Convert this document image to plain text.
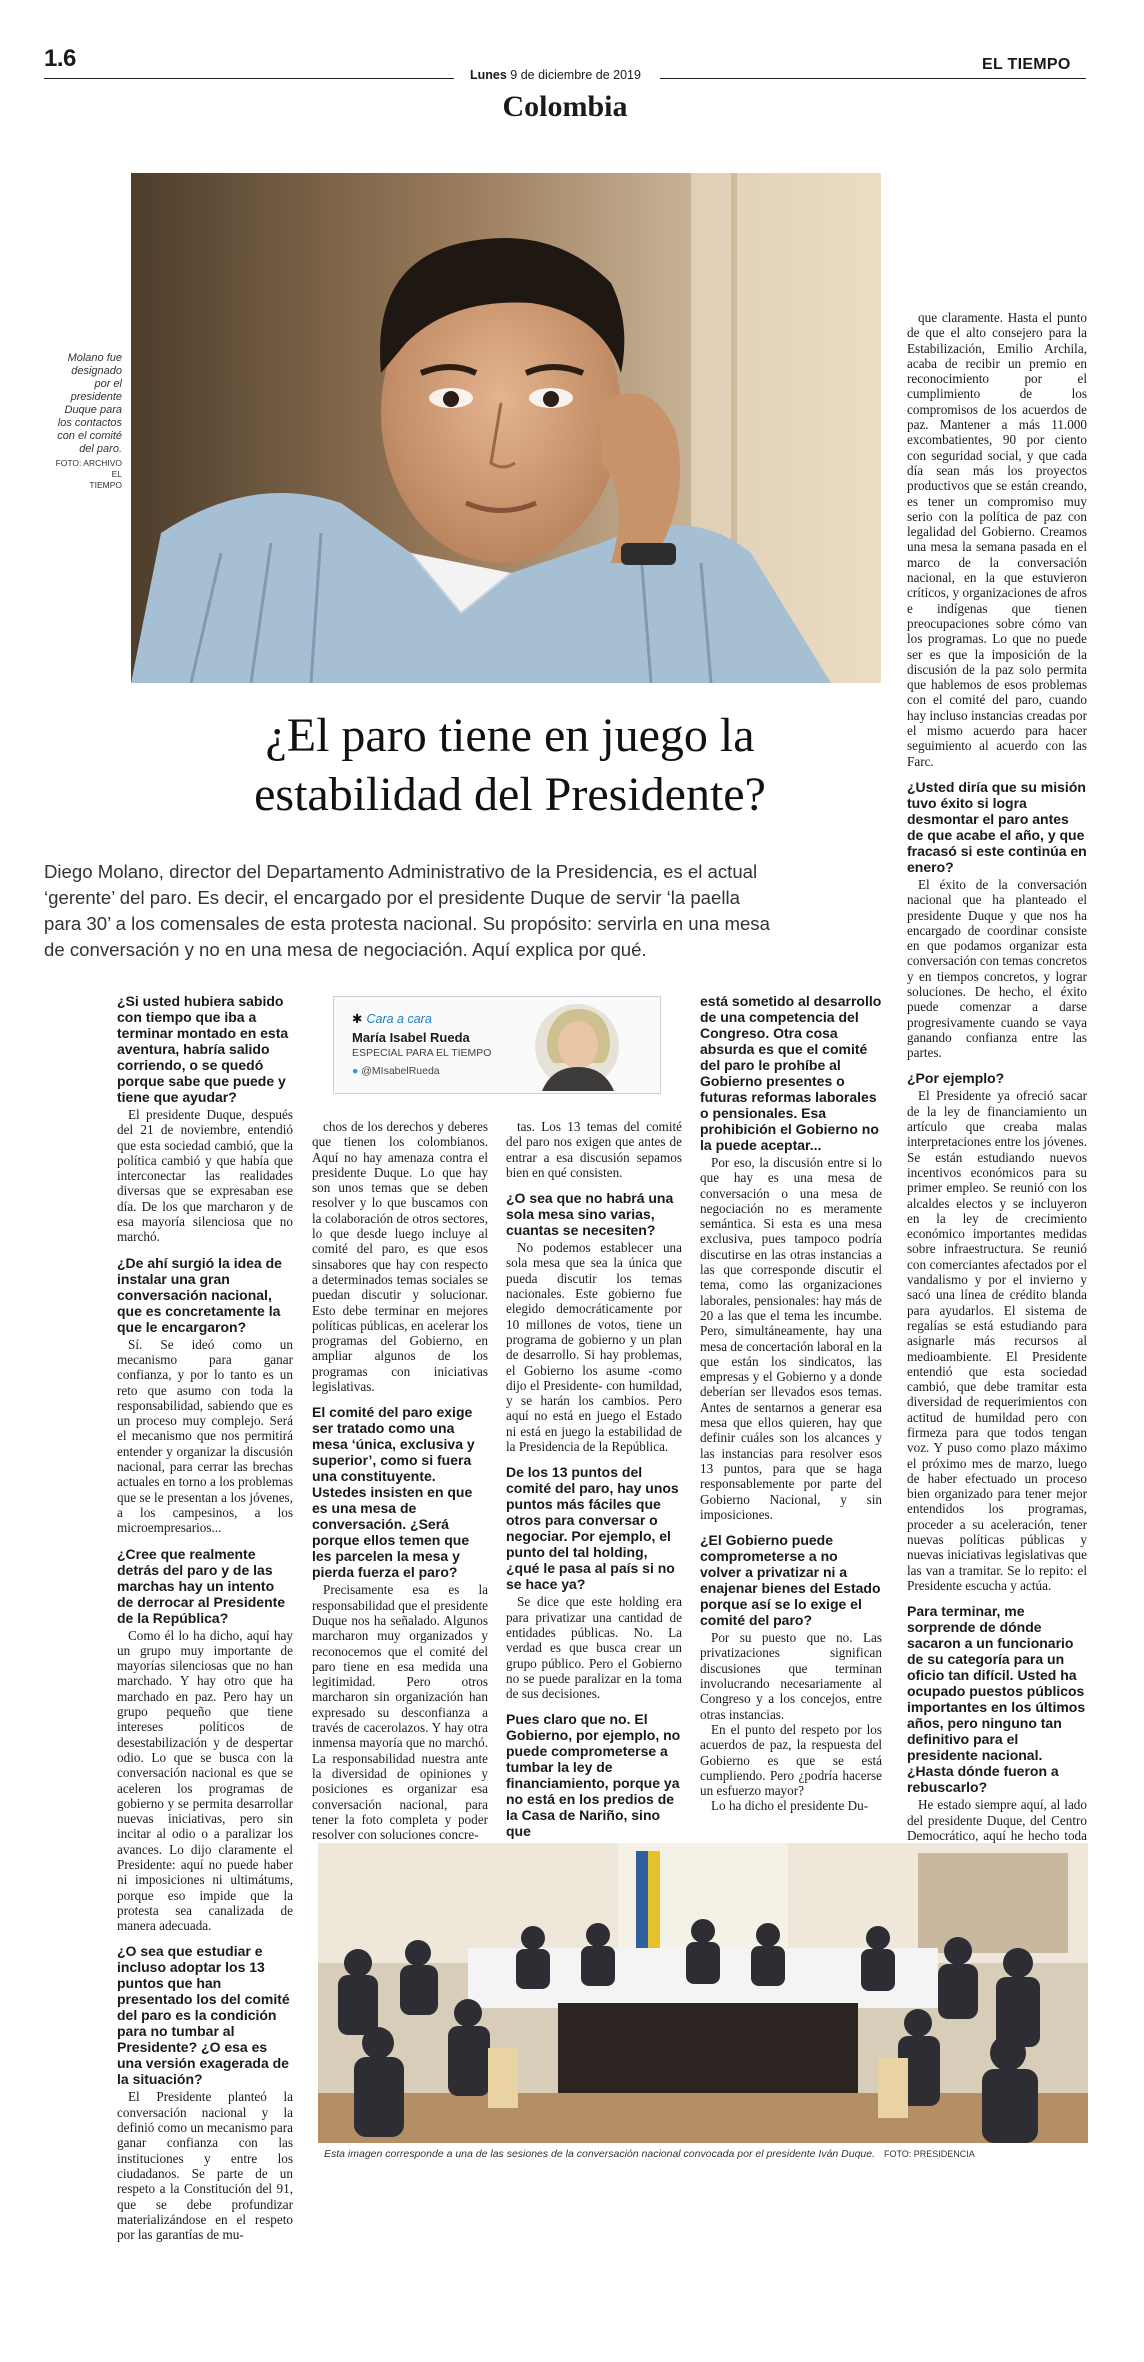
1.6
Lunes 9 de diciembre de 2019
EL TIEMPO
Colombia
Molano fue
designado
por el
presidente
Duque para
los contactos
con el comité
del paro.
FOTO: ARCHIVO EL
TIEMPO
¿El paro tiene en juego la
estabilidad del Presidente?
Diego Molano, director del Departamento Administrativo de la Presidencia, es el actual
‘gerente’ del paro. Es decir, el encargado por el presidente Duque de servir ‘la paella
para 30’ a los comensales de esta protesta nacional. Su propósito: servirla en una mesa
de conversación y no en una mesa de negociación. Aquí explica por qué.

que claramente. Hasta el punto de que el alto consejero para la Estabilización, Emilio Archila, acaba de recibir un premio en reconocimiento por el cumplimiento de los compromisos de los acuerdos de paz. Mantener a más 11.000 excombatientes, 90 por ciento con seguridad social, y que cada día sean más los proyectos productivos que se están creando, es tener un compromiso muy serio con la política de paz con legalidad del Gobierno. Creamos una mesa la semana pasada en el marco de la conversación nacional, en la que estuvieron críticos, y organizaciones de afros e indígenas que tienen preocupaciones sobre cómo van los programas. Lo que no puede ser es que la imposición de la discusión de la paz solo permita que hablemos de esos problemas con el comité del paro, cuando hay incluso instancias creadas por el mismo acuerdo para hacer seguimiento al acuerdo con las Farc.

¿Usted diría que su misión tuvo éxito si logra desmontar el paro antes de que acabe el año, y que fracasó si este continúa en enero?

El éxito de la conversación nacional que ha planteado el presidente Duque y que nos ha encargado de coordinar consiste en que podamos organizar esta conversación con temas concretos y en tiempos concretos, y lograr soluciones. De hecho, el éxito puede comenzar a darse progresivamente cuando se vaya ganando confianza entre las partes.

¿Por ejemplo?

El Presidente ya ofreció sacar de la ley de financiamiento un artículo que creaba malas interpretaciones entre los jóvenes. Se están estudiando nuevos incentivos económicos para su primer empleo. Se reunió con los alcaldes electos y se incluyeron en la ley de crecimiento económico importantes medidas sobre infraestructura. Se reunió con comerciantes afectados por el vandalismo y por el invierno y sacó una línea de crédito blanda para ayudarlos. El sistema de regalías se está estudiando para asignarle más recursos al medioambiente. El Presidente entendió que esta sociedad cambió, que debe tramitar esta diversidad de requerimientos con actitud de humildad pero con firmeza para que todos tengan voz. Y puso como plazo máximo el próximo mes de marzo, luego de haber efectuado un proceso bien organizado para tener mejor entendidos los programas, proceder a su aceleración, tener nuevas políticas públicas y nuevas iniciativas legislativas que las van a tramitar. Se lo repito: el Presidente escucha y actúa.

Para terminar, me sorprende de dónde sacaron a un funcionario de su categoría para un oficio tan difícil. Usted ha ocupado puestos públicos importantes en los últimos años, pero ninguno tan definitivo para el presidente nacional. ¿Hasta dónde fueron a rebuscarlo?

He estado siempre aquí, al lado del presidente Duque, del Centro Democrático, aquí he hecho toda

✱ Cara a cara
María Isabel Rueda
ESPECIAL PARA EL TIEMPO
● @MIsabelRueda

¿Si usted hubiera sabido con tiempo que iba a terminar montado en esta aventura, habría salido corriendo, o se quedó porque sabe que puede y tiene que ayudar?

El presidente Duque, después del 21 de noviembre, entendió que esta sociedad cambió, que la política cambió y que había que interconectar las realidades diversas que se expresaban ese día. De los que marcharon y de esa mayoría silenciosa que no marchó.

¿De ahí surgió la idea de instalar una gran conversación nacional, que es concretamente la que le encargaron?

Sí. Se ideó como un mecanismo para ganar confianza, y por lo tanto es un reto que asumo con toda la responsabilidad, sabiendo que es un proceso muy complejo. Será el mecanismo que nos permitirá entender y organizar la discusión nacional, para cerrar las brechas actuales en torno a los problemas que se le presentan a los jóvenes, a los campesinos, a los microempresarios...

¿Cree que realmente detrás del paro y de las marchas hay un intento de derrocar al Presidente de la República?

Como él lo ha dicho, aquí hay un grupo muy importante de mayorías silenciosas que no han marchado. Y hay otro que ha marchado en paz. Pero hay un grupo pequeño que tiene intereses políticos de desestabilización y de despertar odio. Lo que se busca con la conversación nacional es que se aceleren los programas de gobierno y se permita desarrollar nuevas iniciativas, pero sin incitar al odio o a paralizar los avances. Lo dijo claramente el Presidente: aquí no puede haber ni imposiciones ni ultimátums, porque eso impide que la protesta sea canalizada de manera adecuada.

¿O sea que estudiar e incluso adoptar los 13 puntos que han presentado los del comité del paro es la condición para no tumbar al Presidente? ¿O esa es una versión exagerada de la situación?

El Presidente planteó la conversación nacional y la definió como un mecanismo para ganar confianza con las instituciones y entre los ciudadanos. Se parte de un respeto a la Constitución del 91, que se debe profundizar materializándose en el respeto por las garantías de mu-

chos de los derechos y deberes que tienen los colombianos. Aquí no hay amenaza contra el presidente Duque. Lo que hay son unos temas que se deben resolver y lo que buscamos con la colaboración de otros sectores, lo que desde luego incluye al comité del paro, es que esos sinsabores que hay con respecto a determinados temas sociales se puedan discutir y solucionar. Esto debe terminar en mejores políticas públicas, en acelerar los programas del Gobierno, en ampliar algunos de los programas con iniciativas legislativas.

El comité del paro exige ser tratado como una mesa ‘única, exclusiva y superior’, como si fuera una constituyente. Ustedes insisten en que es una mesa de conversación. ¿Será porque ellos temen que les parcelen la mesa y pierda fuerza el paro?

Precisamente esa es la responsabilidad que el presidente Duque nos ha señalado. Algunos marcharon muy organizados y reconocemos que el comité del paro tiene en esa medida una legitimidad. Pero otros marcharon sin organización han expresado su desconfianza a través de cacerolazos. Y hay otra inmensa mayoría que no marchó. La responsabilidad nuestra ante la diversidad de opiniones y posiciones es organizar esa conversación nacional, para tener la foto completa y poder resolver con soluciones concre-

tas. Los 13 temas del comité del paro nos exigen que antes de entrar a esa discusión sepamos bien en qué consisten.

¿O sea que no habrá una sola mesa sino varias, cuantas se necesiten?

No podemos establecer una sola mesa que sea la única que pueda discutir los temas nacionales. Este gobierno fue elegido democráticamente por 10 millones de votos, tiene un programa de gobierno y un plan de desarrollo. Si hay problemas, el Gobierno los asume -como dijo el Presidente- con humildad, y se harán los cambios. Pero aquí no está en juego el Estado ni está en juego la estabilidad de la Presidencia de la República.

De los 13 puntos del comité del paro, hay unos puntos más fáciles que otros para conversar o negociar. Por ejemplo, el punto del tal holding, ¿qué le pasa al país si no se hace ya?

Se dice que este holding era para privatizar una cantidad de entidades públicas. No. La verdad es que busca crear un grupo público. Pero el Gobierno no se puede paralizar en la toma de sus decisiones.

Pues claro que no. El Gobierno, por ejemplo, no puede comprometerse a tumbar la ley de financiamiento, porque ya no está en los predios de la Casa de Nariño, sino que

está sometido al desarrollo de una competencia del Congreso. Otra cosa absurda es que el comité del paro le prohíbe al Gobierno presentes o futuras reformas laborales o pensionales. Esa prohibición el Gobierno no la puede aceptar...

Por eso, la discusión entre si lo que hay es una mesa de conversación o una mesa de negociación no es meramente semántica. Si esta es una mesa exclusiva, pues tampoco podría discutirse en las otras instancias a las que corresponde discutir el tema, como las organizaciones laborales, pensionales: hay más de 20 a las que el tema les incumbe. Pero, simultáneamente, hay una mesa de concertación laboral en la que están los sindicatos, las empresas y el Gobierno y a donde deberían ser llevados esos temas. Antes de sentarnos a generar esa mesa que ellos quieren, hay que definir cuáles son los alcances y las instancias para resolver esos 13 puntos, para que se haga responsablemente por parte del Gobierno Nacional, y sin imposiciones.

¿El Gobierno puede comprometerse a no volver a privatizar ni a enajenar bienes del Estado porque así se lo exige el comité del paro?

Por su puesto que no. Las privatizaciones significan discusiones que terminan involucrando necesariamente al Congreso y a los concejos, entre otras instancias.

En el punto del respeto por los acuerdos de paz, la respuesta del Gobierno es que se está cumpliendo. Pero ¿podría hacerse un esfuerzo mayor?

Lo ha dicho el presidente Du-

Esta imagen corresponde a una de las sesiones de la conversación nacional convocada por el presidente Iván Duque. FOTO: PRESIDENCIA
